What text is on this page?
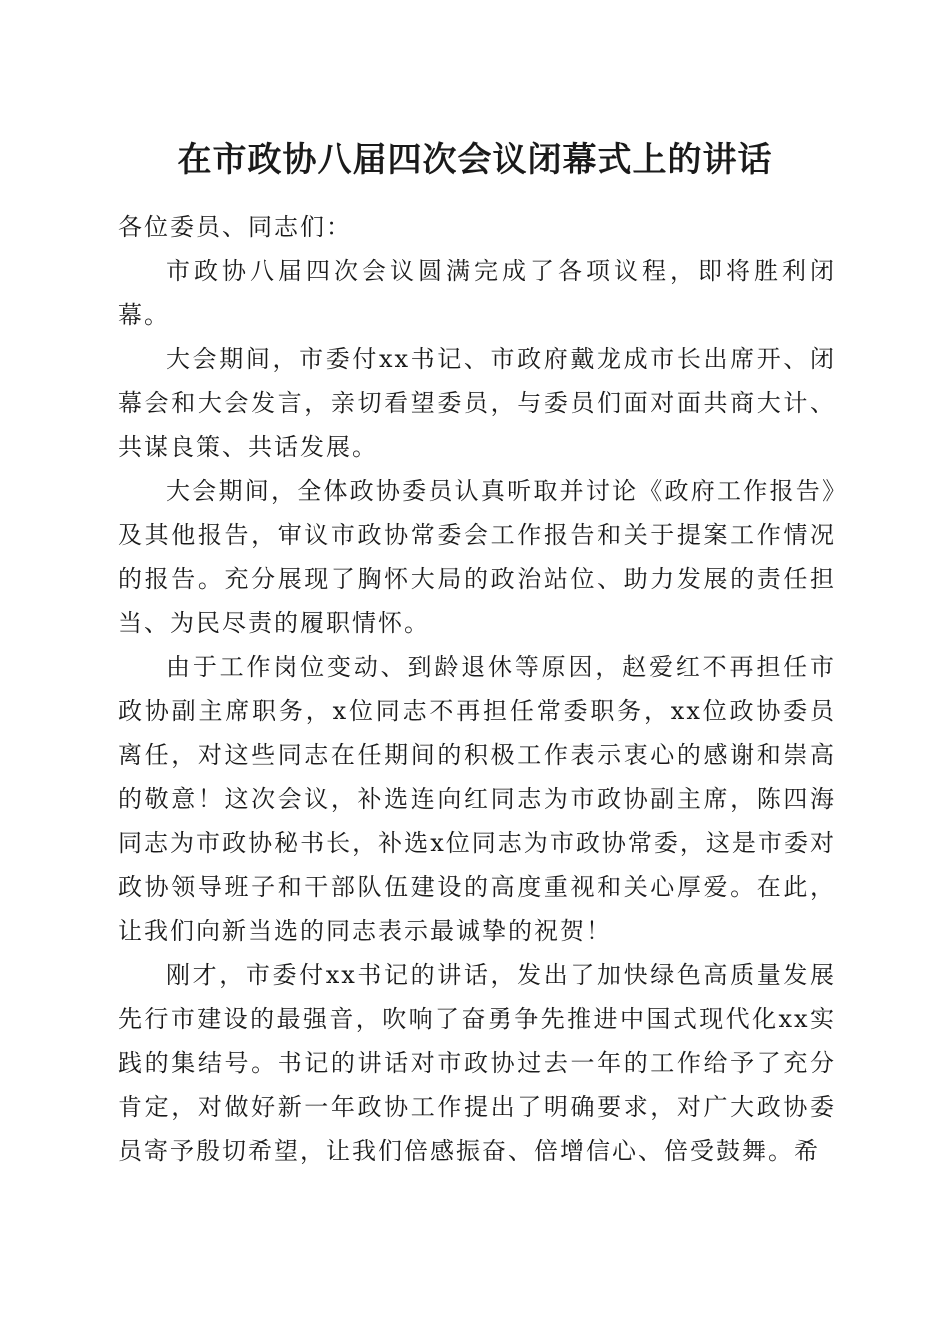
在市政协八届四次会议闭幕式上的讲话

各位委员、同志们：

市政协八届四次会议圆满完成了各项议程，即将胜利闭幕。

大会期间，市委付xx书记、市政府戴龙成市长出席开、闭幕会和大会发言，亲切看望委员，与委员们面对面共商大计、共谋良策、共话发展。

大会期间，全体政协委员认真听取并讨论《政府工作报告》及其他报告，审议市政协常委会工作报告和关于提案工作情况的报告。充分展现了胸怀大局的政治站位、助力发展的责任担当、为民尽责的履职情怀。

由于工作岗位变动、到龄退休等原因，赵爱红不再担任市政协副主席职务，x位同志不再担任常委职务，xx位政协委员离任，对这些同志在任期间的积极工作表示衷心的感谢和崇高的敬意！这次会议，补选连向红同志为市政协副主席，陈四海同志为市政协秘书长，补选x位同志为市政协常委，这是市委对政协领导班子和干部队伍建设的高度重视和关心厚爱。在此，让我们向新当选的同志表示最诚挚的祝贺！

刚才，市委付xx书记的讲话，发出了加快绿色高质量发展先行市建设的最强音，吹响了奋勇争先推进中国式现代化xx实践的集结号。书记的讲话对市政协过去一年的工作给予了充分肯定，对做好新一年政协工作提出了明确要求，对广大政协委员寄予殷切希望，让我们倍感振奋、倍增信心、倍受鼓舞。希
